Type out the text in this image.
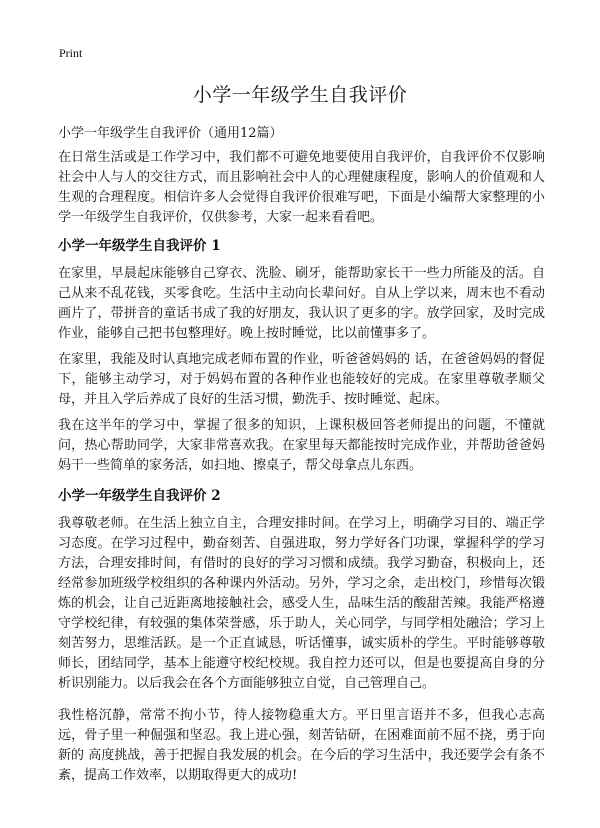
Print
小学一年级学生自我评价

小学一年级学生自我评价（通用12篇）

在日常生活或是工作学习中，我们都不可避免地要使用自我评价，自我评价不仅影响社会中人与人的交往方式，而且影响社会中人的心理健康程度，影响人的价值观和人生观的合理程度。相信许多人会觉得自我评价很难写吧，下面是小编帮大家整理的小学一年级学生自我评价，仅供参考，大家一起来看看吧。

小学一年级学生自我评价 1

在家里，早晨起床能够自己穿衣、洗脸、刷牙，能帮助家长干一些力所能及的活。自己从来不乱花钱，买零食吃。生活中主动向长辈问好。自从上学以来，周末也不看动画片了，带拼音的童话书成了我的好朋友，我认识了更多的字。放学回家，及时完成作业，能够自己把书包整理好。晚上按时睡觉，比以前懂事多了。

在家里，我能及时认真地完成老师布置的作业，听爸爸妈妈的 话，在爸爸妈妈的督促下，能够主动学习，对于妈妈布置的各种作业也能较好的完成。在家里尊敬孝顺父母，并且入学后养成了良好的生活习惯，勤洗手、按时睡觉、起床。

我在这半年的学习中，掌握了很多的知识，上课积极回答老师提出的问题，不懂就问，热心帮助同学，大家非常喜欢我。在家里每天都能按时完成作业，并帮助爸爸妈妈干一些简单的家务活，如扫地、擦桌子，帮父母拿点儿东西。

小学一年级学生自我评价 2

我尊敬老师。在生活上独立自主，合理安排时间。在学习上，明确学习目的、端正学习态度。在学习过程中，勤奋刻苦、自强进取，努力学好各门功课，掌握科学的学习方法，合理安排时间，有借时的良好的学习习惯和成绩。我学习勤奋，积极向上，还经常参加班级学校组织的各种课内外活动。另外，学习之余，走出校门，珍惜每次锻炼的机会，让自己近距离地接触社会，感受人生，品味生活的酸甜苦辣。我能严格遵守学校纪律，有较强的集体荣誉感，乐于助人，关心同学，与同学相处融洽；学习上刻苦努力，思维活跃。是一个正直诚恳，听话懂事，诚实质朴的学生。平时能够尊敬师长，团结同学，基本上能遵守校纪校规。我自控力还可以，但是也要提高自身的分析识别能力。以后我会在各个方面能够独立自觉，自己管理自己。

我性格沉静，常常不拘小节，待人接物稳重大方。平日里言语并不多，但我心志高远，骨子里一种倔强和坚忍。我上进心强，刻苦钻研，在困难面前不屈不挠，勇于向新的 高度挑战，善于把握自我发展的机会。在今后的学习生活中，我还要学会有条不紊，提高工作效率，以期取得更大的成功!
